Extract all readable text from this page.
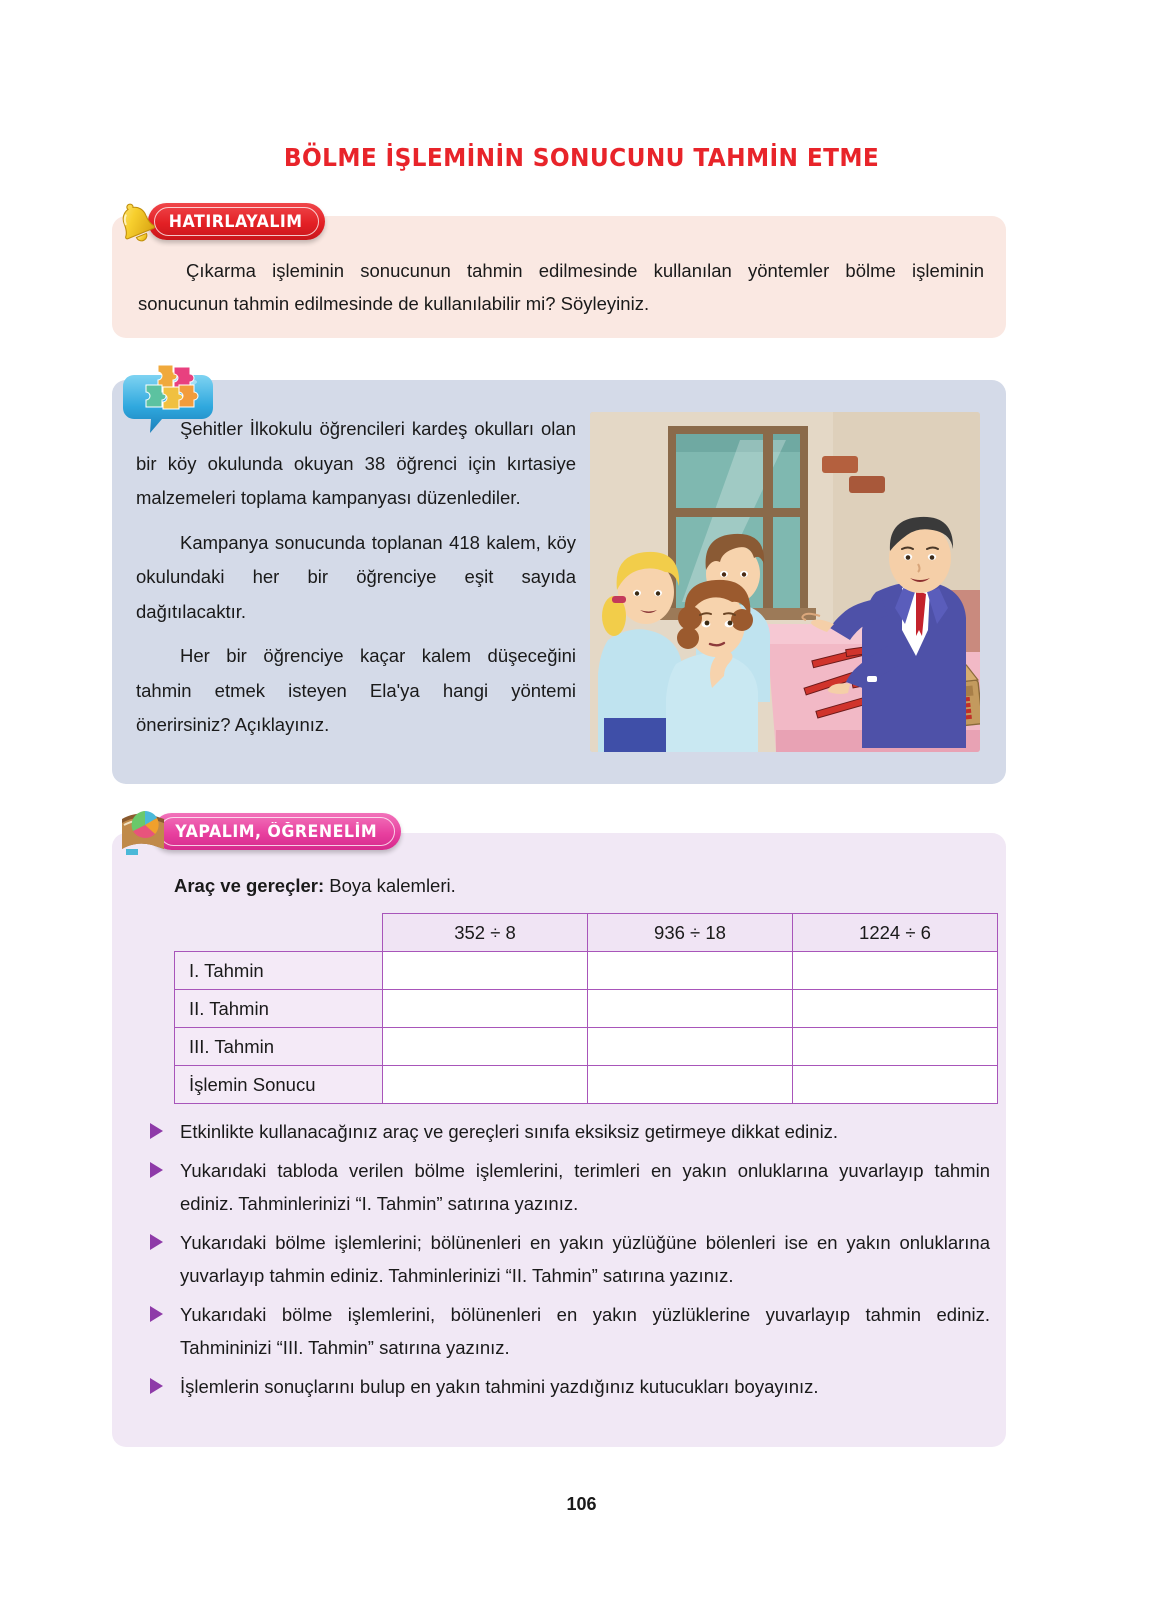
BÖLME İŞLEMİNİN SONUCUNU TAHMİN ETME
Çıkarma işleminin sonucunun tahmin edilmesinde kullanılan yöntemler bölme işleminin sonucunun tahmin edilmesinde de kullanılabilir mi? Söyleyiniz.
HATIRLAYALIM

Şehitler İlkokulu öğrencileri kardeş okulları olan bir köy okulunda okuyan 38 öğrenci için kırtasiye malzemeleri toplama kampanyası düzenlediler.

Kampanya sonucunda toplanan 418 kalem, köy okulundaki her bir öğrenciye eşit sayıda dağıtılacaktır.

Her bir öğrenciye kaçar kalem düşeceğini tahmin etmek isteyen Ela'ya hangi yöntemi önerirsiniz? Açıklayınız.

Araç ve gereçler: Boya kalemleri.
	352 ÷ 8	936 ÷ 18	1224 ÷ 6
I. Tahmin			
II. Tahmin			
III. Tahmin			
İşlemin Sonucu			
Etkinlikte kullanacağınız araç ve gereçleri sınıfa eksiksiz getirmeye dikkat ediniz.
Yukarıdaki tabloda verilen bölme işlemlerini, terimleri en yakın onluklarına yuvarlayıp tahmin ediniz. Tahminlerinizi “I. Tahmin” satırına yazınız.
Yukarıdaki bölme işlemlerini; bölünenleri en yakın yüzlüğüne bölenleri ise en yakın onluklarına yuvarlayıp tahmin ediniz. Tahminlerinizi “II. Tahmin” satırına yazınız.
Yukarıdaki bölme işlemlerini, bölünenleri en yakın yüzlüklerine yuvarlayıp tahmin ediniz. Tahmininizi “III. Tahmin” satırına yazınız.
İşlemlerin sonuçlarını bulup en yakın tahmini yazdığınız kutucukları boyayınız.
YAPALIM, ÖĞRENELİM
106
